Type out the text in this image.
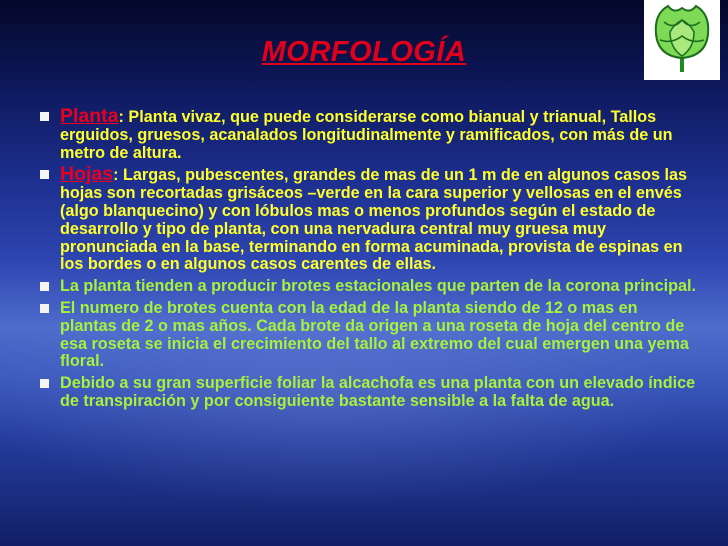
MORFOLOGÍA
Planta: Planta vivaz, que puede considerarse como bianual y trianual, Tallos erguidos, gruesos, acanalados longitudinalmente y ramificados, con más de un metro de altura.
Hojas: Largas, pubescentes, grandes de mas de un 1 m de en algunos casos las hojas son recortadas grisáceos –verde en la cara superior y vellosas en el envés (algo blanquecino) y con lóbulos mas o menos profundos según el estado de desarrollo y tipo de planta, con una nervadura central muy gruesa muy pronunciada en la base, terminando en forma acuminada, provista de espinas en los bordes o en algunos casos carentes de ellas.
La planta tienden a producir brotes estacionales que parten de la corona principal.
El numero de brotes cuenta con la edad de la planta siendo de 12 o mas en plantas de 2 o mas años. Cada brote da origen a una roseta de hoja del centro de esa roseta se inicia el crecimiento del tallo al extremo del cual emergen una yema floral.
Debido a su gran superficie foliar la alcachofa es una planta con un elevado índice de transpiración y por consiguiente bastante sensible a la falta de agua.
